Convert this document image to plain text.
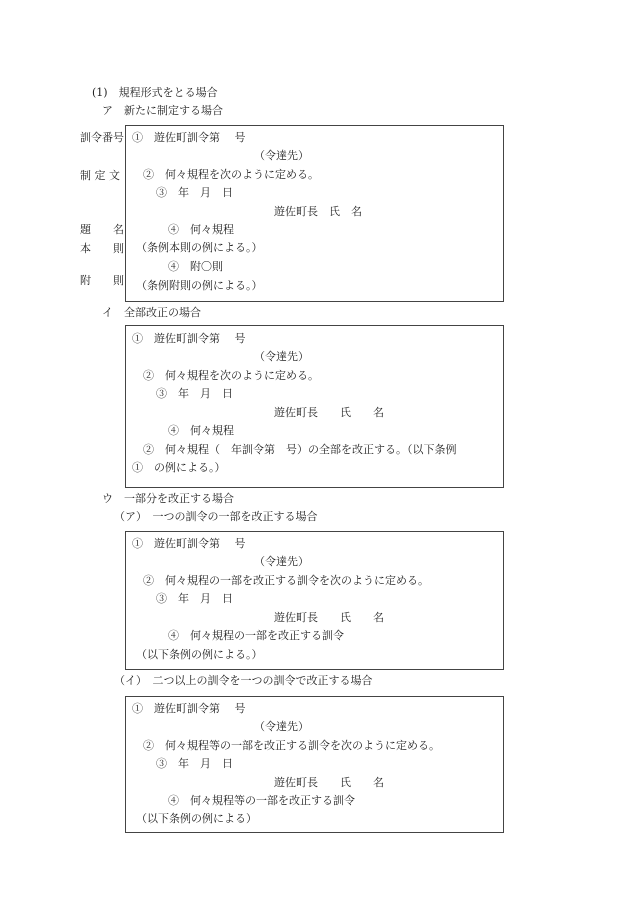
(1)　規程形式をとる場合
ア　新たに制定する場合
訓令番号
制 定 文
題　　名
本　　則
附　　則
①　遊佐町訓令第　 号
（令達先）
②　何々規程を次のように定める。
③　年　月　日
遊佐町長　氏　名
④　何々規程
（条例本則の例による。）
④　附〇則
（条例附則の例による。）
イ　全部改正の場合
①　遊佐町訓令第　 号
（令達先）
②　何々規程を次のように定める。
③　年　月　日
遊佐町長　　氏　　名
④　何々規程
②　何々規程（　年訓令第　号）の全部を改正する。（以下条例
①　の例による。）
ウ　一部分を改正する場合
（ア）　一つの訓令の一部を改正する場合
①　遊佐町訓令第　 号
（令達先）
②　何々規程の一部を改正する訓令を次のように定める。
③　年　月　日
遊佐町長　　氏　　名
④　何々規程の一部を改正する訓令
（以下条例の例による。）
（イ）　二つ以上の訓令を一つの訓令で改正する場合
①　遊佐町訓令第　 号
（令達先）
②　何々規程等の一部を改正する訓令を次のように定める。
③　年　月　日
遊佐町長　　氏　　名
④　何々規程等の一部を改正する訓令
（以下条例の例による）
